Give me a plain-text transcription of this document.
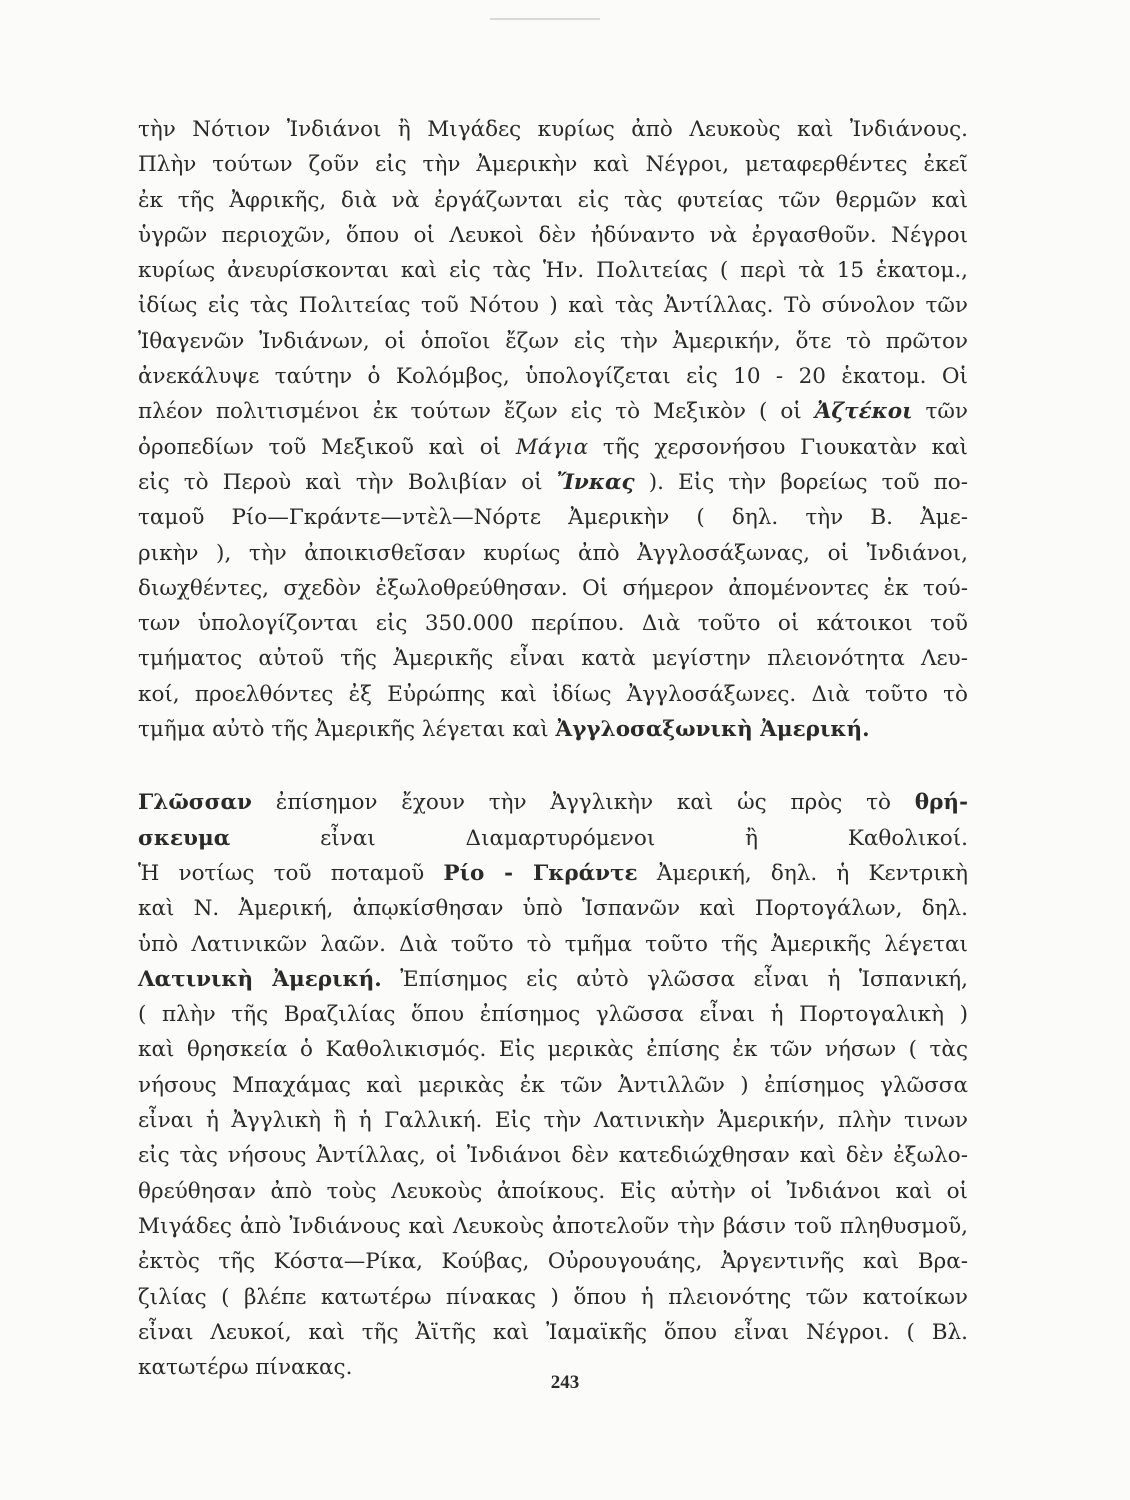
τὴν Νότιον Ἰνδιάνοι ἢ Μιγάδες κυρίως ἀπὸ Λευκοὺς καὶ Ἰνδιάνους.
Πλὴν τούτων ζοῦν εἰς τὴν Ἀμερικὴν καὶ Νέγροι, μεταφερθέντες ἐκεῖ
ἐκ τῆς Ἀφρικῆς, διὰ νὰ ἐργάζωνται εἰς τὰς φυτείας τῶν θερμῶν καὶ
ὑγρῶν περιοχῶν, ὅπου οἱ Λευκοὶ δὲν ἠδύναντο νὰ ἐργασθοῦν. Νέγροι
κυρίως ἀνευρίσκονται καὶ εἰς τὰς Ἡν. Πολιτείας ( περὶ τὰ 15 ἑκατομ.,
ἰδίως εἰς τὰς Πολιτείας τοῦ Νότου ) καὶ τὰς Ἀντίλλας. Τὸ σύνολον τῶν
Ἰθαγενῶν Ἰνδιάνων, οἱ ὁποῖοι ἔζων εἰς τὴν Ἀμερικήν, ὅτε τὸ πρῶτον
ἀνεκάλυψε ταύτην ὁ Κολόμβος, ὑπολογίζεται εἰς 10 - 20 ἑκατομ. Οἱ
πλέον πολιτισμένοι ἐκ τούτων ἔζων εἰς τὸ Μεξικὸν ( οἱ Ἀζτέκοι τῶν
ὀροπεδίων τοῦ Μεξικοῦ καὶ οἱ Μάγια τῆς χερσονήσου Γιουκατὰν καὶ
εἰς τὸ Περοὺ καὶ τὴν Βολιβίαν οἱ Ἴνκας ). Εἰς τὴν βορείως τοῦ πο-
ταμοῦ Ρίο—Γκράντε—ντὲλ—Νόρτε Ἀμερικὴν ( δηλ. τὴν Β. Ἀμε-
ρικὴν ), τὴν ἀποικισθεῖσαν κυρίως ἀπὸ Ἀγγλοσάξωνας, οἱ Ἰνδιάνοι,
διωχθέντες, σχεδὸν ἐξωλοθρεύθησαν. Οἱ σήμερον ἀπομένοντες ἐκ τού-
των ὑπολογίζονται εἰς 350.000 περίπου. Διὰ τοῦτο οἱ κάτοικοι τοῦ
τμήματος αὐτοῦ τῆς Ἀμερικῆς εἶναι κατὰ μεγίστην πλειονότητα Λευ-
κοί, προελθόντες ἐξ Εὐρώπης καὶ ἰδίως Ἀγγλοσάξωνες. Διὰ τοῦτο τὸ
τμῆμα αὐτὸ τῆς Ἀμερικῆς λέγεται καὶ Ἀγγλοσαξωνικὴ Ἀμερική.
Γλῶσσαν ἐπίσημον ἔχουν τὴν Ἀγγλικὴν καὶ ὡς πρὸς τὸ θρή-
σκευμα εἶναι Διαμαρτυρόμενοι ἢ Καθολικοί.
Ἡ νοτίως τοῦ ποταμοῦ Ρίο - Γκράντε Ἀμερική, δηλ. ἡ Κεντρικὴ
καὶ Ν. Ἀμερική, ἀπῳκίσθησαν ὑπὸ Ἱσπανῶν καὶ Πορτογάλων, δηλ.
ὑπὸ Λατινικῶν λαῶν. Διὰ τοῦτο τὸ τμῆμα τοῦτο τῆς Ἀμερικῆς λέγεται
Λατινικὴ Ἀμερική. Ἐπίσημος εἰς αὐτὸ γλῶσσα εἶναι ἡ Ἱσπανική,
( πλὴν τῆς Βραζιλίας ὅπου ἐπίσημος γλῶσσα εἶναι ἡ Πορτογαλικὴ )
καὶ θρησκεία ὁ Καθολικισμός. Εἰς μερικὰς ἐπίσης ἐκ τῶν νήσων ( τὰς
νήσους Μπαχάμας καὶ μερικὰς ἐκ τῶν Ἀντιλλῶν ) ἐπίσημος γλῶσσα
εἶναι ἡ Ἀγγλικὴ ἢ ἡ Γαλλική. Εἰς τὴν Λατινικὴν Ἀμερικήν, πλὴν τινων
εἰς τὰς νήσους Ἀντίλλας, οἱ Ἰνδιάνοι δὲν κατεδιώχθησαν καὶ δὲν ἐξωλο-
θρεύθησαν ἀπὸ τοὺς Λευκοὺς ἀποίκους. Εἰς αὐτὴν οἱ Ἰνδιάνοι καὶ οἱ
Μιγάδες ἀπὸ Ἰνδιάνους καὶ Λευκοὺς ἀποτελοῦν τὴν βάσιν τοῦ πληθυσμοῦ,
ἐκτὸς τῆς Κόστα—Ρίκα, Κούβας, Οὐρουγουάης, Ἀργεντινῆς καὶ Βρα-
ζιλίας ( βλέπε κατωτέρω πίνακας ) ὅπου ἡ πλειονότης τῶν κατοίκων
εἶναι Λευκοί, καὶ τῆς Ἀϊτῆς καὶ Ἰαμαϊκῆς ὅπου εἶναι Νέγροι. ( Βλ.
κατωτέρω πίνακας.
243
